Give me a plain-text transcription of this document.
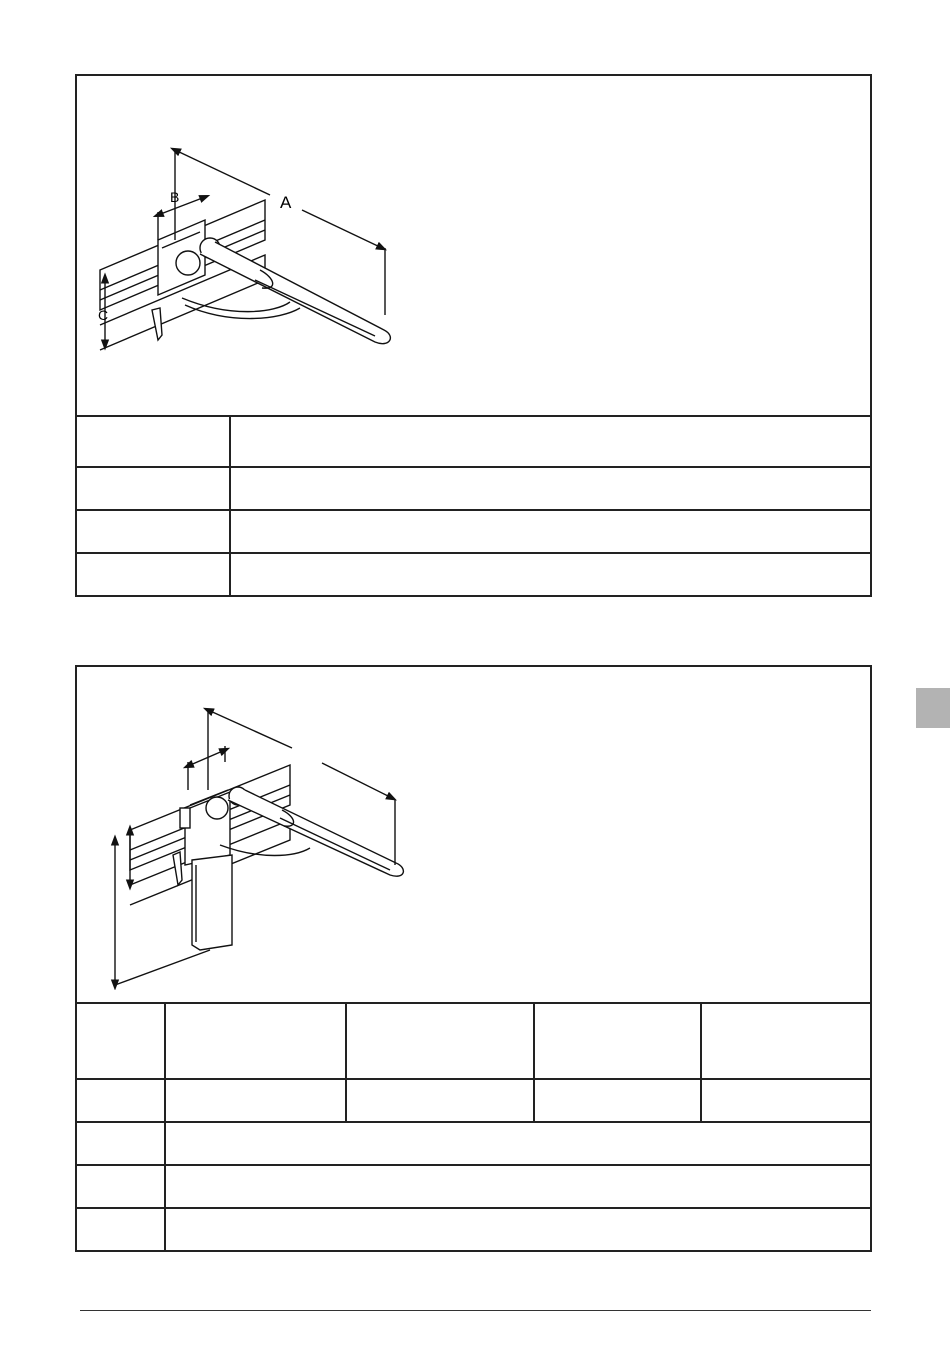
A
B
C
